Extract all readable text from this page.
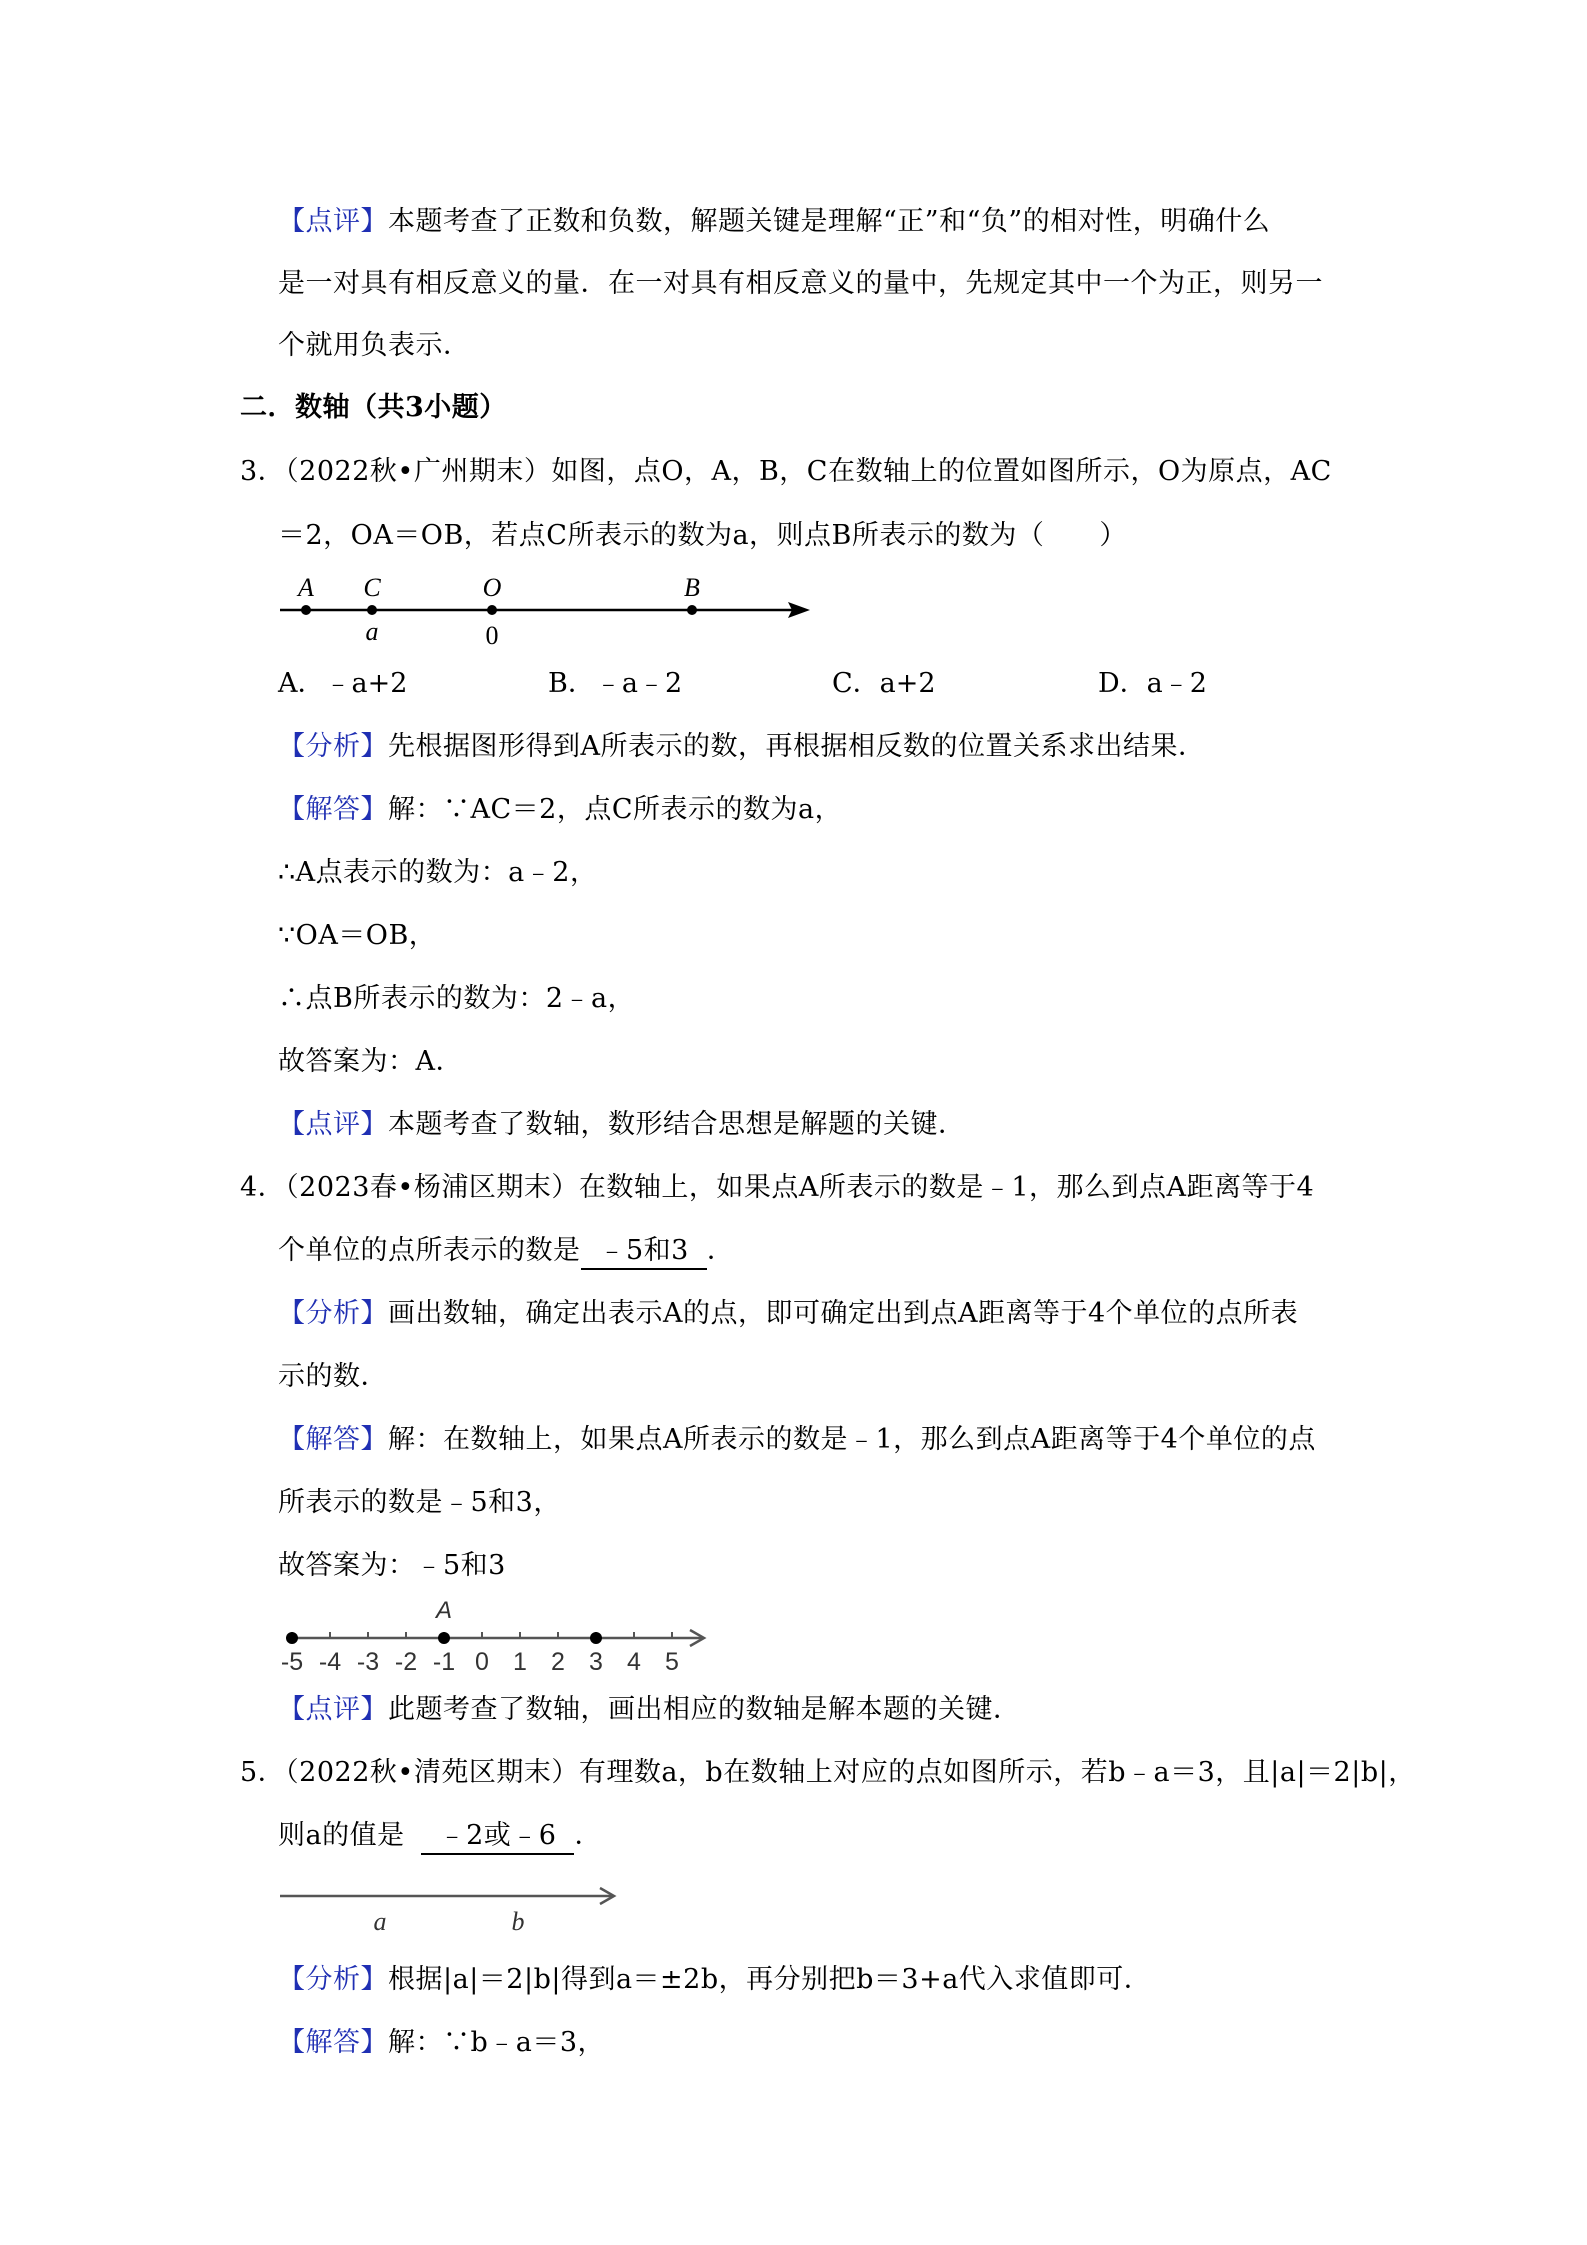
【点评】本题考查了正数和负数，解题关键是理解“正”和“负”的相对性，明确什么
是一对具有相反意义的量．在一对具有相反意义的量中，先规定其中一个为正，则另一
个就用负表示．
二．数轴（共3小题）
3．（2022秋•广州期末）如图，点O，A，B，C在数轴上的位置如图所示，O为原点，AC
＝2，OA＝OB，若点C所表示的数为a，则点B所表示的数为（　　）
A C	O	B
a	0
A．﹣a+2	B．﹣a﹣2	C．a+2	D．a﹣2
【分析】先根据图形得到A所表示的数，再根据相反数的位置关系求出结果．
【解答】解：∵AC＝2，点C所表示的数为a，
∴A点表示的数为：a﹣2，
∵OA＝OB，
∴点B所表示的数为：2﹣a，
故答案为：A．
【点评】本题考查了数轴，数形结合思想是解题的关键．
4．（2023春•杨浦区期末）在数轴上，如果点A所表示的数是﹣1，那么到点A距离等于4
个单位的点所表示的数是 ﹣5和3 ．
【分析】画出数轴，确定出表示A的点，即可确定出到点A距离等于4个单位的点所表
示的数．
【解答】解：在数轴上，如果点A所表示的数是﹣1，那么到点A距离等于4个单位的点
所表示的数是﹣5和3，
故答案为：﹣5和3
-5 -4 -3 -2 -1 0 1 2 3 4 5
A
【点评】此题考查了数轴，画出相应的数轴是解本题的关键．
5．（2022秋•清苑区期末）有理数a，b在数轴上对应的点如图所示，若b﹣a＝3，且|a|＝2|b|，
则a的值是 ﹣2或﹣6 ．
a	b
【分析】根据|a|＝2|b|得到a＝±2b，再分别把b＝3+a代入求值即可．
【解答】解：∵b﹣a＝3，
